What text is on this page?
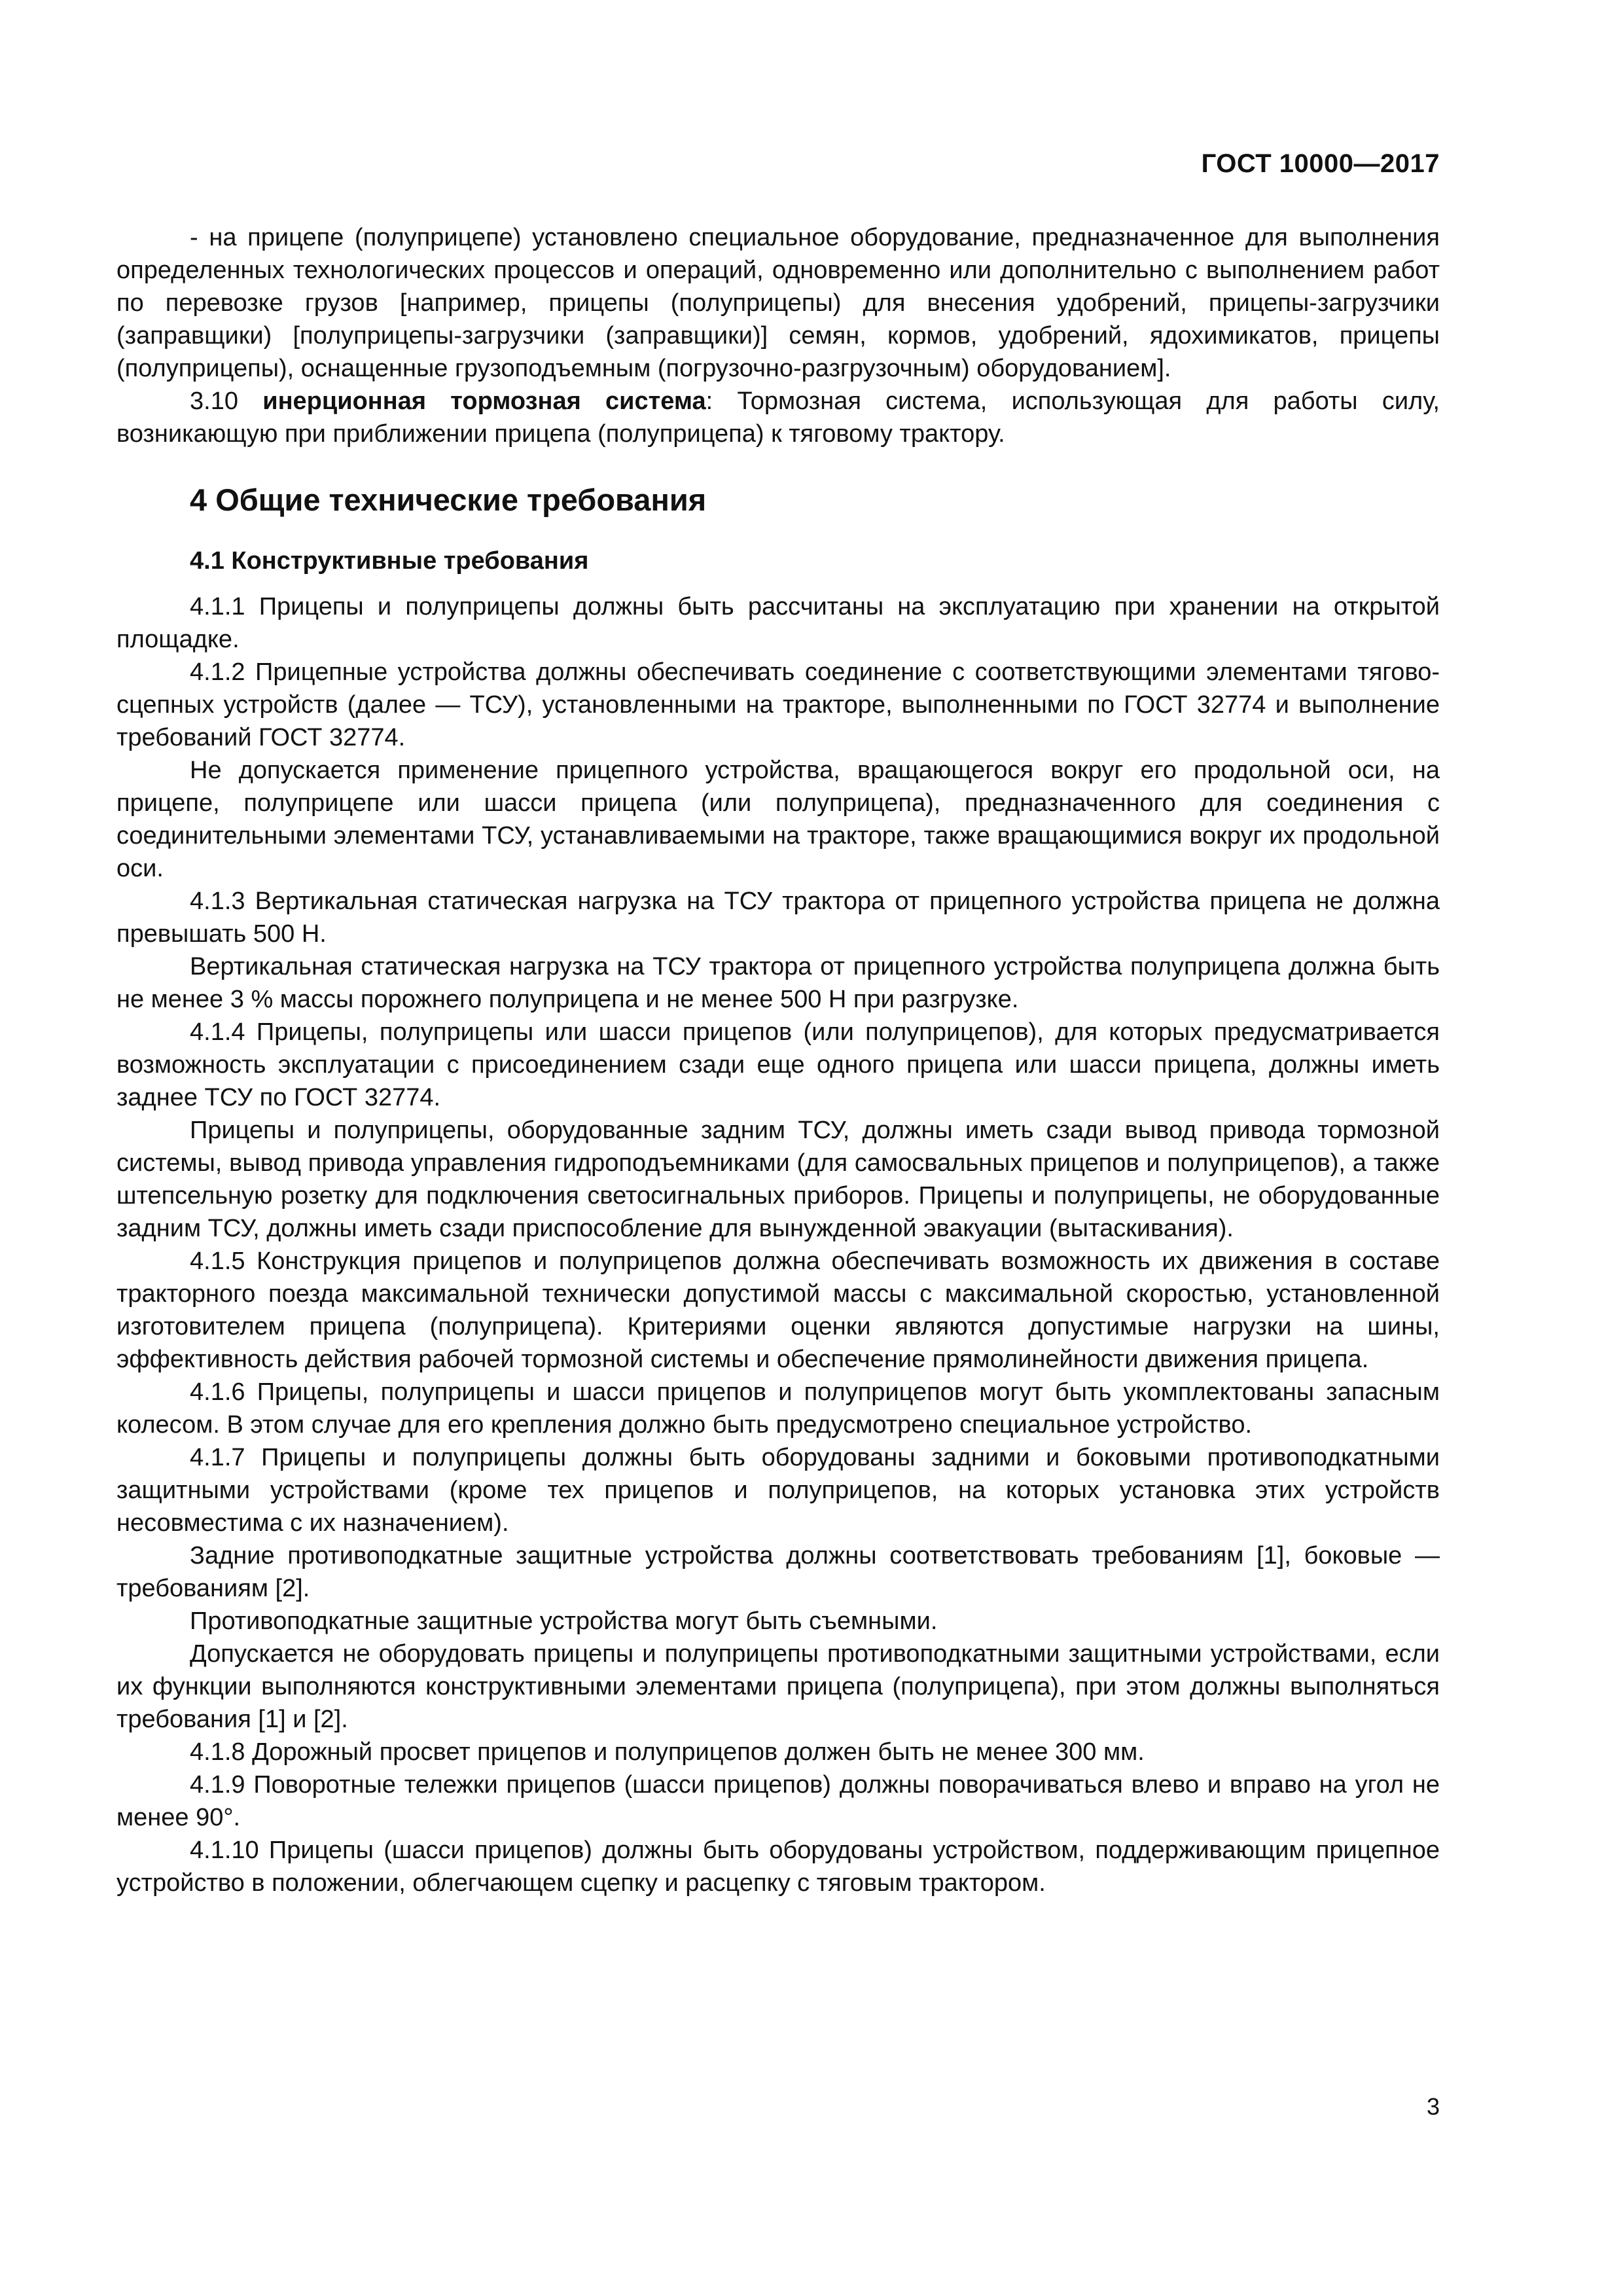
ГОСТ 10000—2017

- на прицепе (полуприцепе) установлено специальное оборудование, предназначенное для выполнения определенных технологических процессов и операций, одновременно или дополнительно с выполнением работ по перевозке грузов [например, прицепы (полуприцепы) для внесения удобрений, прицепы-загрузчики (заправщики) [полуприцепы-загрузчики (заправщики)] семян, кормов, удобрений, ядохимикатов, прицепы (полуприцепы), оснащенные грузоподъемным (погрузочно-разгрузочным) оборудованием].

3.10 инерционная тормозная система: Тормозная система, использующая для работы силу, возникающую при приближении прицепа (полуприцепа) к тяговому трактору.

4 Общие технические требования
4.1 Конструктивные требования

4.1.1 Прицепы и полуприцепы должны быть рассчитаны на эксплуатацию при хранении на открытой площадке.

4.1.2 Прицепные устройства должны обеспечивать соединение с соответствующими элементами тягово-сцепных устройств (далее — ТСУ), установленными на тракторе, выполненными по ГОСТ 32774 и выполнение требований ГОСТ 32774.

Не допускается применение прицепного устройства, вращающегося вокруг его продольной оси, на прицепе, полуприцепе или шасси прицепа (или полуприцепа), предназначенного для соединения с соединительными элементами ТСУ, устанавливаемыми на тракторе, также вращающимися вокруг их продольной оси.

4.1.3 Вертикальная статическая нагрузка на ТСУ трактора от прицепного устройства прицепа не должна превышать 500 Н.

Вертикальная статическая нагрузка на ТСУ трактора от прицепного устройства полуприцепа должна быть не менее 3 % массы порожнего полуприцепа и не менее 500 Н при разгрузке.

4.1.4 Прицепы, полуприцепы или шасси прицепов (или полуприцепов), для которых предусматривается возможность эксплуатации с присоединением сзади еще одного прицепа или шасси прицепа, должны иметь заднее ТСУ по ГОСТ 32774.

Прицепы и полуприцепы, оборудованные задним ТСУ, должны иметь сзади вывод привода тормозной системы, вывод привода управления гидроподъемниками (для самосвальных прицепов и полуприцепов), а также штепсельную розетку для подключения светосигнальных приборов. Прицепы и полуприцепы, не оборудованные задним ТСУ, должны иметь сзади приспособление для вынужденной эвакуации (вытаскивания).

4.1.5 Конструкция прицепов и полуприцепов должна обеспечивать возможность их движения в составе тракторного поезда максимальной технически допустимой массы с максимальной скоростью, установленной изготовителем прицепа (полуприцепа). Критериями оценки являются допустимые нагрузки на шины, эффективность действия рабочей тормозной системы и обеспечение прямолинейности движения прицепа.

4.1.6 Прицепы, полуприцепы и шасси прицепов и полуприцепов могут быть укомплектованы запасным колесом. В этом случае для его крепления должно быть предусмотрено специальное устройство.

4.1.7 Прицепы и полуприцепы должны быть оборудованы задними и боковыми противоподкатными защитными устройствами (кроме тех прицепов и полуприцепов, на которых установка этих устройств несовместима с их назначением).

Задние противоподкатные защитные устройства должны соответствовать требованиям [1], боковые — требованиям [2].

Противоподкатные защитные устройства могут быть съемными.

Допускается не оборудовать прицепы и полуприцепы противоподкатными защитными устройствами, если их функции выполняются конструктивными элементами прицепа (полуприцепа), при этом должны выполняться требования [1] и [2].

4.1.8 Дорожный просвет прицепов и полуприцепов должен быть не менее 300 мм.

4.1.9 Поворотные тележки прицепов (шасси прицепов) должны поворачиваться влево и вправо на угол не менее 90°.

4.1.10 Прицепы (шасси прицепов) должны быть оборудованы устройством, поддерживающим прицепное устройство в положении, облегчающем сцепку и расцепку с тяговым трактором.

3
